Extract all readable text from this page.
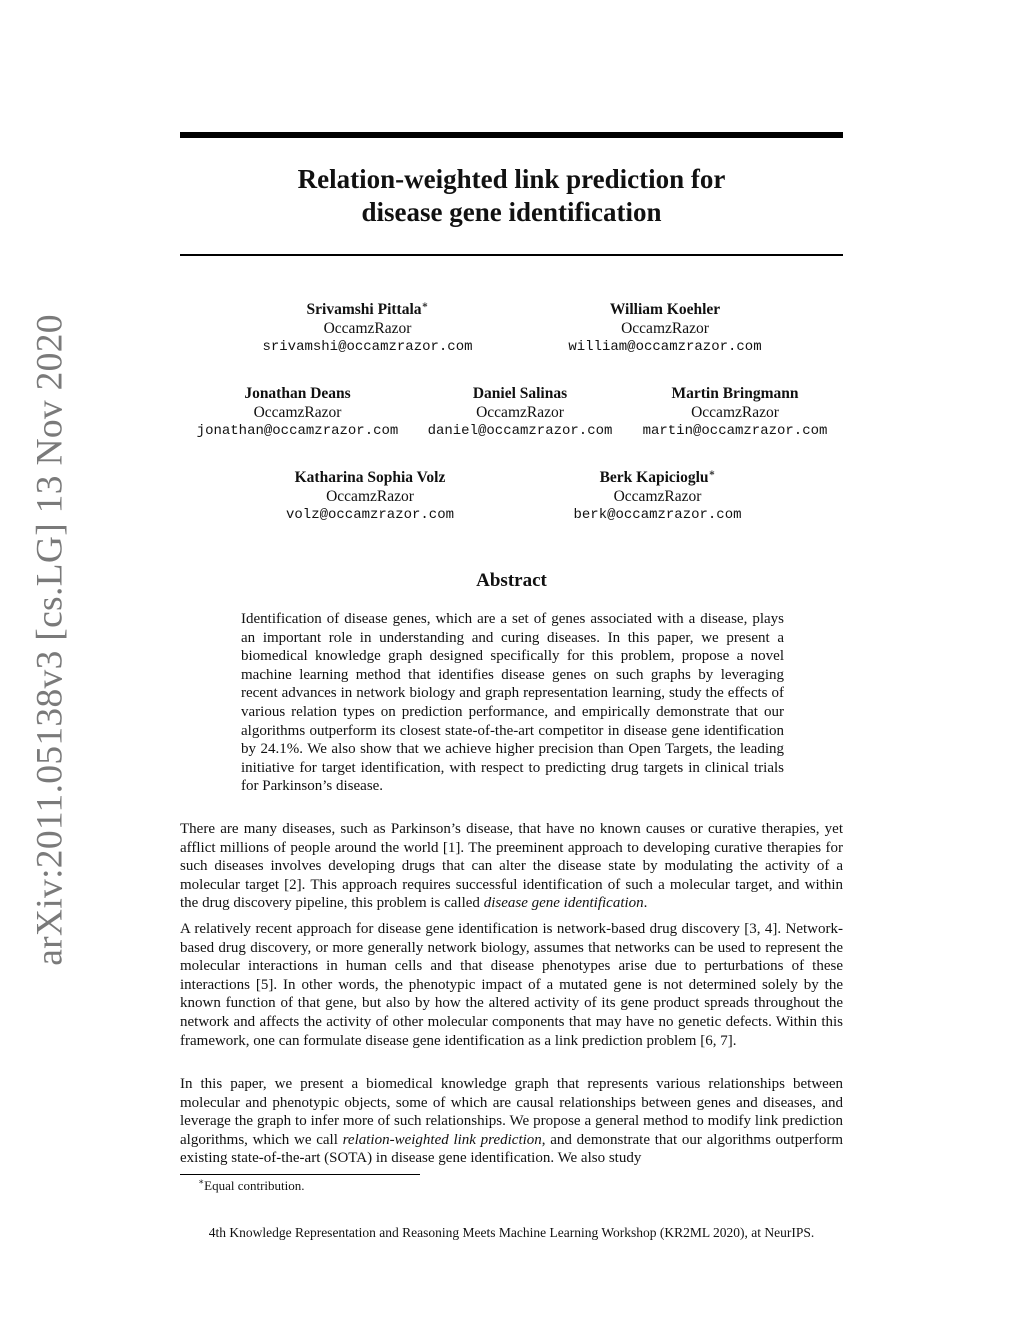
arXiv:2011.05138v3 [cs.LG] 13 Nov 2020
Relation-weighted link prediction for
disease gene identification
Srivamshi Pittala∗
OccamzRazor
srivamshi@occamzrazor.com
William Koehler
OccamzRazor
william@occamzrazor.com
Jonathan Deans
OccamzRazor
jonathan@occamzrazor.com
Daniel Salinas
OccamzRazor
daniel@occamzrazor.com
Martin Bringmann
OccamzRazor
martin@occamzrazor.com
Katharina Sophia Volz
OccamzRazor
volz@occamzrazor.com
Berk Kapicioglu∗
OccamzRazor
berk@occamzrazor.com
Abstract

Identification of disease genes, which are a set of genes associated with a disease, plays an important role in understanding and curing diseases. In this paper, we present a biomedical knowledge graph designed specifically for this problem, propose a novel machine learning method that identifies disease genes on such graphs by leveraging recent advances in network biology and graph representation learning, study the effects of various relation types on prediction performance, and empirically demonstrate that our algorithms outperform its closest state-of-the-art competitor in disease gene identification by 24.1%. We also show that we achieve higher precision than Open Targets, the leading initiative for target identification, with respect to predicting drug targets in clinical trials for Parkinson’s disease.

There are many diseases, such as Parkinson’s disease, that have no known causes or curative therapies, yet afflict millions of people around the world [1]. The preeminent approach to developing curative therapies for such diseases involves developing drugs that can alter the disease state by modulating the activity of a molecular target [2]. This approach requires successful identification of such a molecular target, and within the drug discovery pipeline, this problem is called disease gene identification.

A relatively recent approach for disease gene identification is network-based drug discovery [3, 4]. Network-based drug discovery, or more generally network biology, assumes that networks can be used to represent the molecular interactions in human cells and that disease phenotypes arise due to perturbations of these interactions [5]. In other words, the phenotypic impact of a mutated gene is not determined solely by the known function of that gene, but also by how the altered activity of its gene product spreads throughout the network and affects the activity of other molecular components that may have no genetic defects. Within this framework, one can formulate disease gene identification as a link prediction problem [6, 7].

In this paper, we present a biomedical knowledge graph that represents various relationships between molecular and phenotypic objects, some of which are causal relationships between genes and diseases, and leverage the graph to infer more of such relationships. We propose a general method to modify link prediction algorithms, which we call relation-weighted link prediction, and demonstrate that our algorithms outperform existing state-of-the-art (SOTA) in disease gene identification. We also study

∗Equal contribution.

4th Knowledge Representation and Reasoning Meets Machine Learning Workshop (KR2ML 2020), at NeurIPS.
